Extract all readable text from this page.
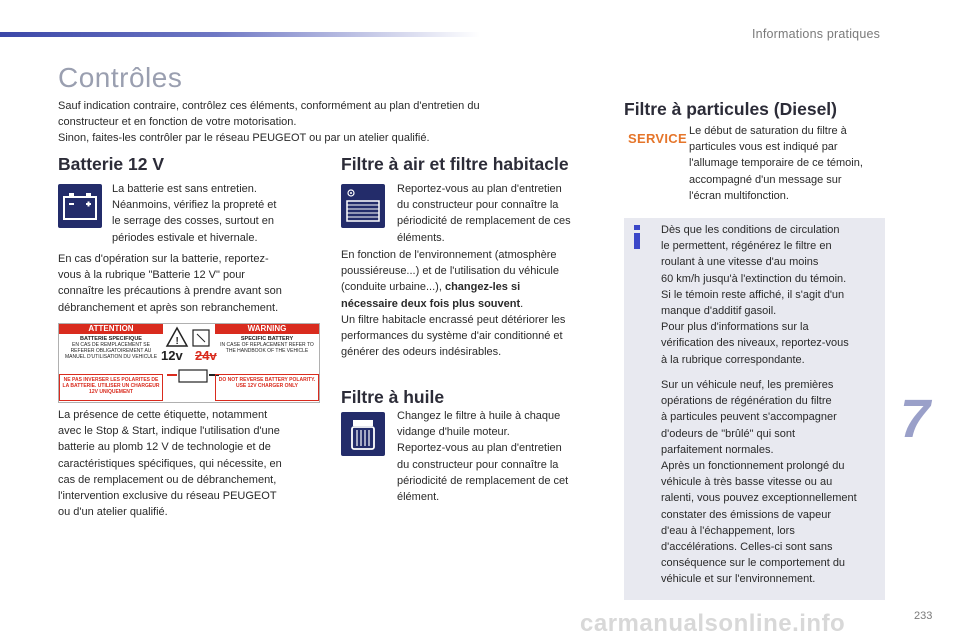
Informations pratiques
Contrôles
Sauf indication contraire, contrôlez ces éléments, conformément au plan d'entretien du
constructeur et en fonction de votre motorisation.
Sinon, faites-les contrôler par le réseau PEUGEOT ou par un atelier qualifié.
Batterie 12 V
La batterie est sans entretien.
Néanmoins, vérifiez la propreté et
le serrage des cosses, surtout en
périodes estivale et hivernale.
En cas d'opération sur la batterie, reportez-
vous à la rubrique "Batterie 12 V" pour
connaître les précautions à prendre avant son
débranchement et après son rebranchement.
ATTENTION	WARNING
BATTERIE SPECIFIQUE
EN CAS DE REMPLACEMENT SE REFERER OBLIGATOIREMENT AU MANUEL D'UTILISATION DU VEHICULE
SPECIFIC BATTERY
IN CASE OF REPLACEMENT REFER TO THE HANDBOOK OF THE VEHICLE
!
12v 24v
NE PAS INVERSER LES POLARITES DE LA BATTERIE. UTILISER UN CHARGEUR 12V UNIQUEMENT
DO NOT REVERSE BATTERY POLARITY. USE 12V CHARGER ONLY
La présence de cette étiquette, notamment
avec le Stop & Start, indique l'utilisation d'une
batterie au plomb 12 V de technologie et de
caractéristiques spécifiques, qui nécessite, en
cas de remplacement ou de débranchement,
l'intervention exclusive du réseau PEUGEOT
ou d'un atelier qualifié.
Filtre à air et filtre habitacle
Reportez-vous au plan d'entretien
du constructeur pour connaître la
périodicité de remplacement de ces
éléments.
En fonction de l'environnement (atmosphère
poussiéreuse...) et de l'utilisation du véhicule
(conduite urbaine...), changez-les si
nécessaire deux fois plus souvent.
Un filtre habitacle encrassé peut détériorer les
performances du système d'air conditionné et
générer des odeurs indésirables.
Filtre à huile
Changez le filtre à huile à chaque
vidange d'huile moteur.
Reportez-vous au plan d'entretien
du constructeur pour connaître la
périodicité de remplacement de cet
élément.
Filtre à particules (Diesel)
SERVICE Le début de saturation du filtre à
particules vous est indiqué par
l'allumage temporaire de ce témoin,
accompagné d'un message sur
l'écran multifonction.
Dès que les conditions de circulation
le permettent, régénérez le filtre en
roulant à une vitesse d'au moins
60 km/h jusqu'à l'extinction du témoin.
Si le témoin reste affiché, il s'agit d'un
manque d'additif gasoil.
Pour plus d'informations sur la
vérification des niveaux, reportez-vous
à la rubrique correspondante.
Sur un véhicule neuf, les premières
opérations de régénération du filtre
à particules peuvent s'accompagner
d'odeurs de "brûlé" qui sont
parfaitement normales.
Après un fonctionnement prolongé du
véhicule à très basse vitesse ou au
ralenti, vous pouvez exceptionnellement
constater des émissions de vapeur
d'eau à l'échappement, lors
d'accélérations. Celles-ci sont sans
conséquence sur le comportement du
véhicule et sur l'environnement.
7
carmanualsonline.info	233
